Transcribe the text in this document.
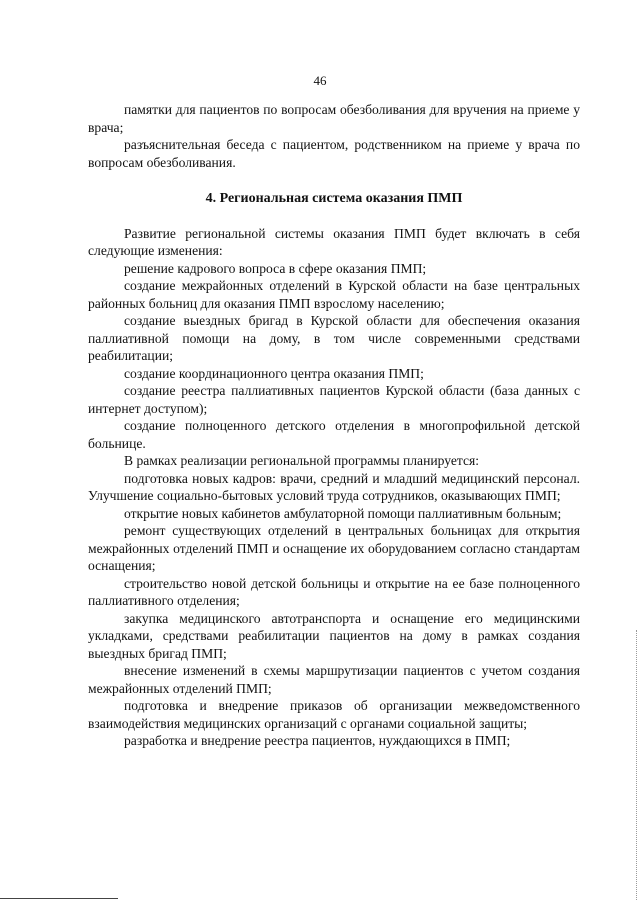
46

памятки для пациентов по вопросам обезболивания для вручения на приеме у врача;

разъяснительная беседа с пациентом, родственником на приеме у врача по вопросам обезболивания.

4. Региональная система оказания ПМП

Развитие региональной системы оказания ПМП будет включать в себя следующие изменения:

решение кадрового вопроса в сфере оказания ПМП;

создание межрайонных отделений в Курской области на базе центральных районных больниц для оказания ПМП взрослому населению;

создание выездных бригад в Курской области для обеспечения оказания паллиативной помощи на дому, в том числе современными средствами реабилитации;

создание координационного центра оказания ПМП;

создание реестра паллиативных пациентов Курской области (база данных с интернет доступом);

создание полноценного детского отделения в многопрофильной детской больнице.

В рамках реализации региональной программы планируется:

подготовка новых кадров: врачи, средний и младший медицинский персонал. Улучшение социально-бытовых условий труда сотрудников, оказывающих ПМП;

открытие новых кабинетов амбулаторной помощи паллиативным больным;

ремонт существующих отделений в центральных больницах для открытия межрайонных отделений ПМП и оснащение их оборудованием согласно стандартам оснащения;

строительство новой детской больницы и открытие на ее базе полноценного паллиативного отделения;

закупка медицинского автотранспорта и оснащение его медицинскими укладками, средствами реабилитации пациентов на дому в рамках создания выездных бригад ПМП;

внесение изменений в схемы маршрутизации пациентов с учетом создания межрайонных отделений ПМП;

подготовка и внедрение приказов об организации межведомственного взаимодействия медицинских организаций с органами социальной защиты;

разработка и внедрение реестра пациентов, нуждающихся в ПМП;
